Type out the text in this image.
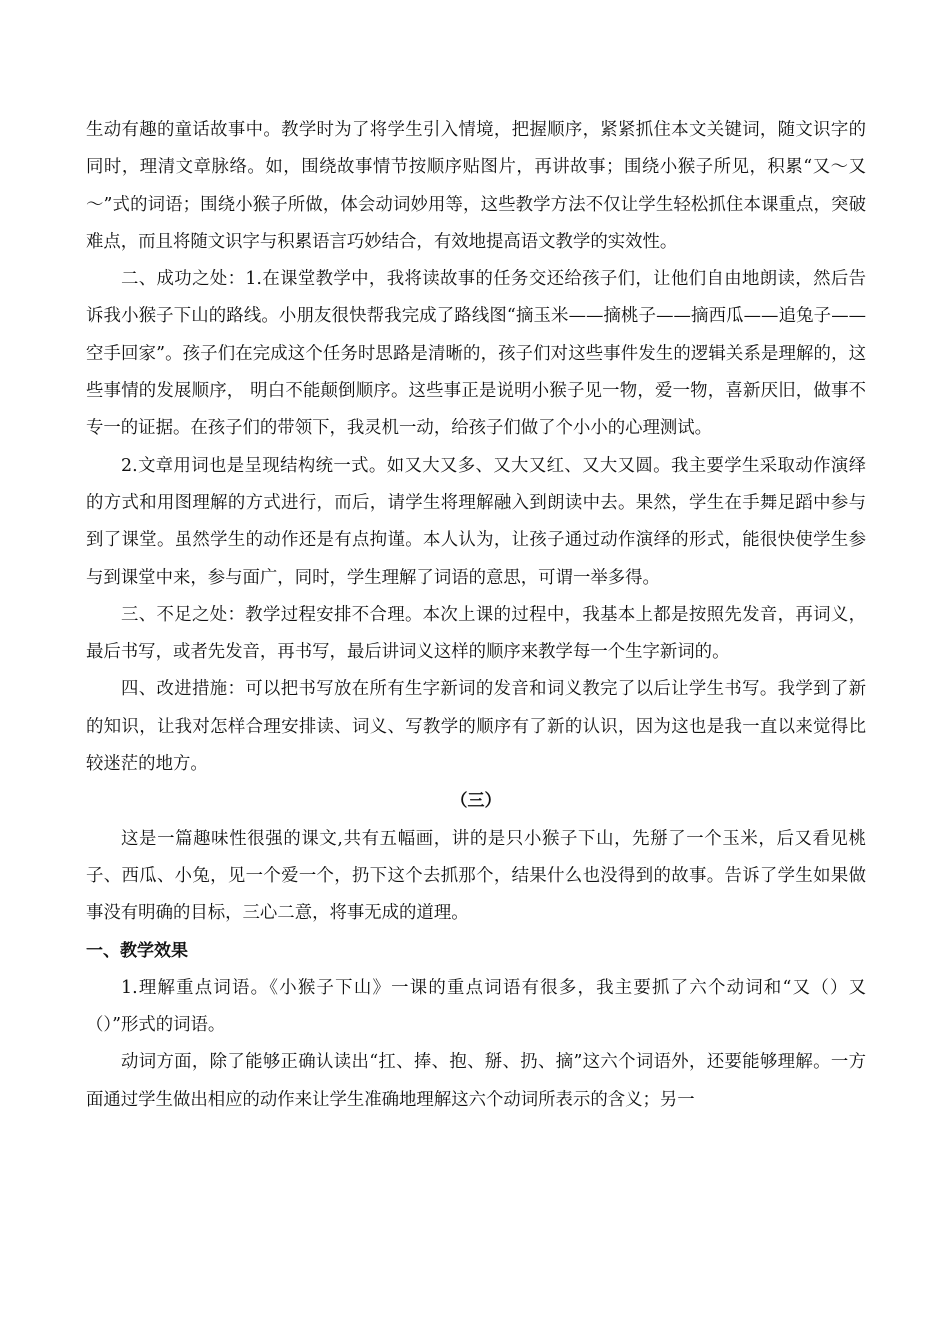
生动有趣的童话故事中。教学时为了将学生引入情境，把握顺序，紧紧抓住本文关键词，随文识字的同时，理清文章脉络。如，围绕故事情节按顺序贴图片，再讲故事；围绕小猴子所见，积累“又～又～”式的词语；围绕小猴子所做，体会动词妙用等，这些教学方法不仅让学生轻松抓住本课重点，突破难点，而且将随文识字与积累语言巧妙结合，有效地提高语文教学的实效性。

二、成功之处：1.在课堂教学中，我将读故事的任务交还给孩子们，让他们自由地朗读，然后告诉我小猴子下山的路线。小朋友很快帮我完成了路线图“摘玉米——摘桃子——摘西瓜——追兔子——空手回家”。孩子们在完成这个任务时思路是清晰的，孩子们对这些事件发生的逻辑关系是理解的，这些事情的发展顺序， 明白不能颠倒顺序。这些事正是说明小猴子见一物，爱一物，喜新厌旧，做事不专一的证据。在孩子们的带领下，我灵机一动，给孩子们做了个小小的心理测试。

2.文章用词也是呈现结构统一式。如又大又多、又大又红、又大又圆。我主要学生采取动作演绎的方式和用图理解的方式进行，而后，请学生将理解融入到朗读中去。果然，学生在手舞足蹈中参与到了课堂。虽然学生的动作还是有点拘谨。本人认为，让孩子通过动作演绎的形式，能很快使学生参与到课堂中来，参与面广，同时，学生理解了词语的意思，可谓一举多得。

三、不足之处：教学过程安排不合理。本次上课的过程中，我基本上都是按照先发音，再词义，最后书写，或者先发音，再书写，最后讲词义这样的顺序来教学每一个生字新词的。

四、改进措施：可以把书写放在所有生字新词的发音和词义教完了以后让学生书写。我学到了新的知识，让我对怎样合理安排读、词义、写教学的顺序有了新的认识，因为这也是我一直以来觉得比较迷茫的地方。

（三）

这是一篇趣味性很强的课文,共有五幅画，讲的是只小猴子下山，先掰了一个玉米，后又看见桃子、西瓜、小兔，见一个爱一个，扔下这个去抓那个，结果什么也没得到的故事。告诉了学生如果做事没有明确的目标，三心二意，将事无成的道理。

一、教学效果

1.理解重点词语。《小猴子下山》一课的重点词语有很多，我主要抓了六个动词和“又（）又（）”形式的词语。

动词方面，除了能够正确认读出“扛、捧、抱、掰、扔、摘”这六个词语外，还要能够理解。一方面通过学生做出相应的动作来让学生准确地理解这六个动词所表示的含义；另一
